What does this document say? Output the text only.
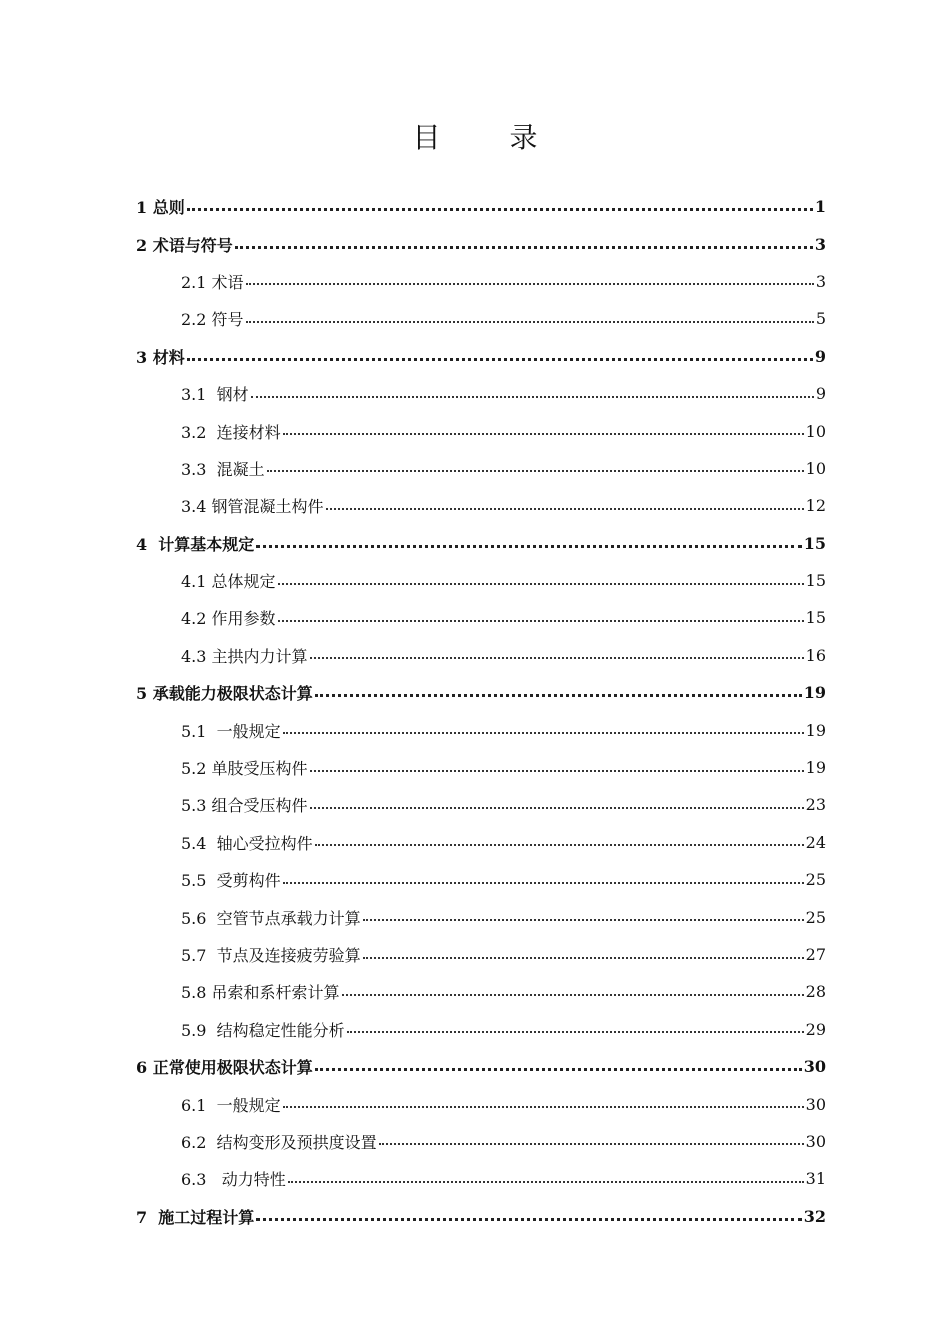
目 录
1 总则	1
2 术语与符号	3
2.1 术语	3
2.2 符号	5
3 材料	9
3.1  钢材	9
3.2  连接材料	10
3.3  混凝土	10
3.4 钢管混凝土构件	12
4  计算基本规定	15
4.1 总体规定	15
4.2 作用参数	15
4.3 主拱内力计算	16
5 承载能力极限状态计算	19
5.1  一般规定	19
5.2 单肢受压构件	19
5.3 组合受压构件	23
5.4  轴心受拉构件	24
5.5  受剪构件	25
5.6  空管节点承载力计算	25
5.7  节点及连接疲劳验算	27
5.8 吊索和系杆索计算	28
5.9  结构稳定性能分析	29
6 正常使用极限状态计算	30
6.1  一般规定	30
6.2  结构变形及预拱度设置	30
6.3   动力特性	31
7  施工过程计算	32
